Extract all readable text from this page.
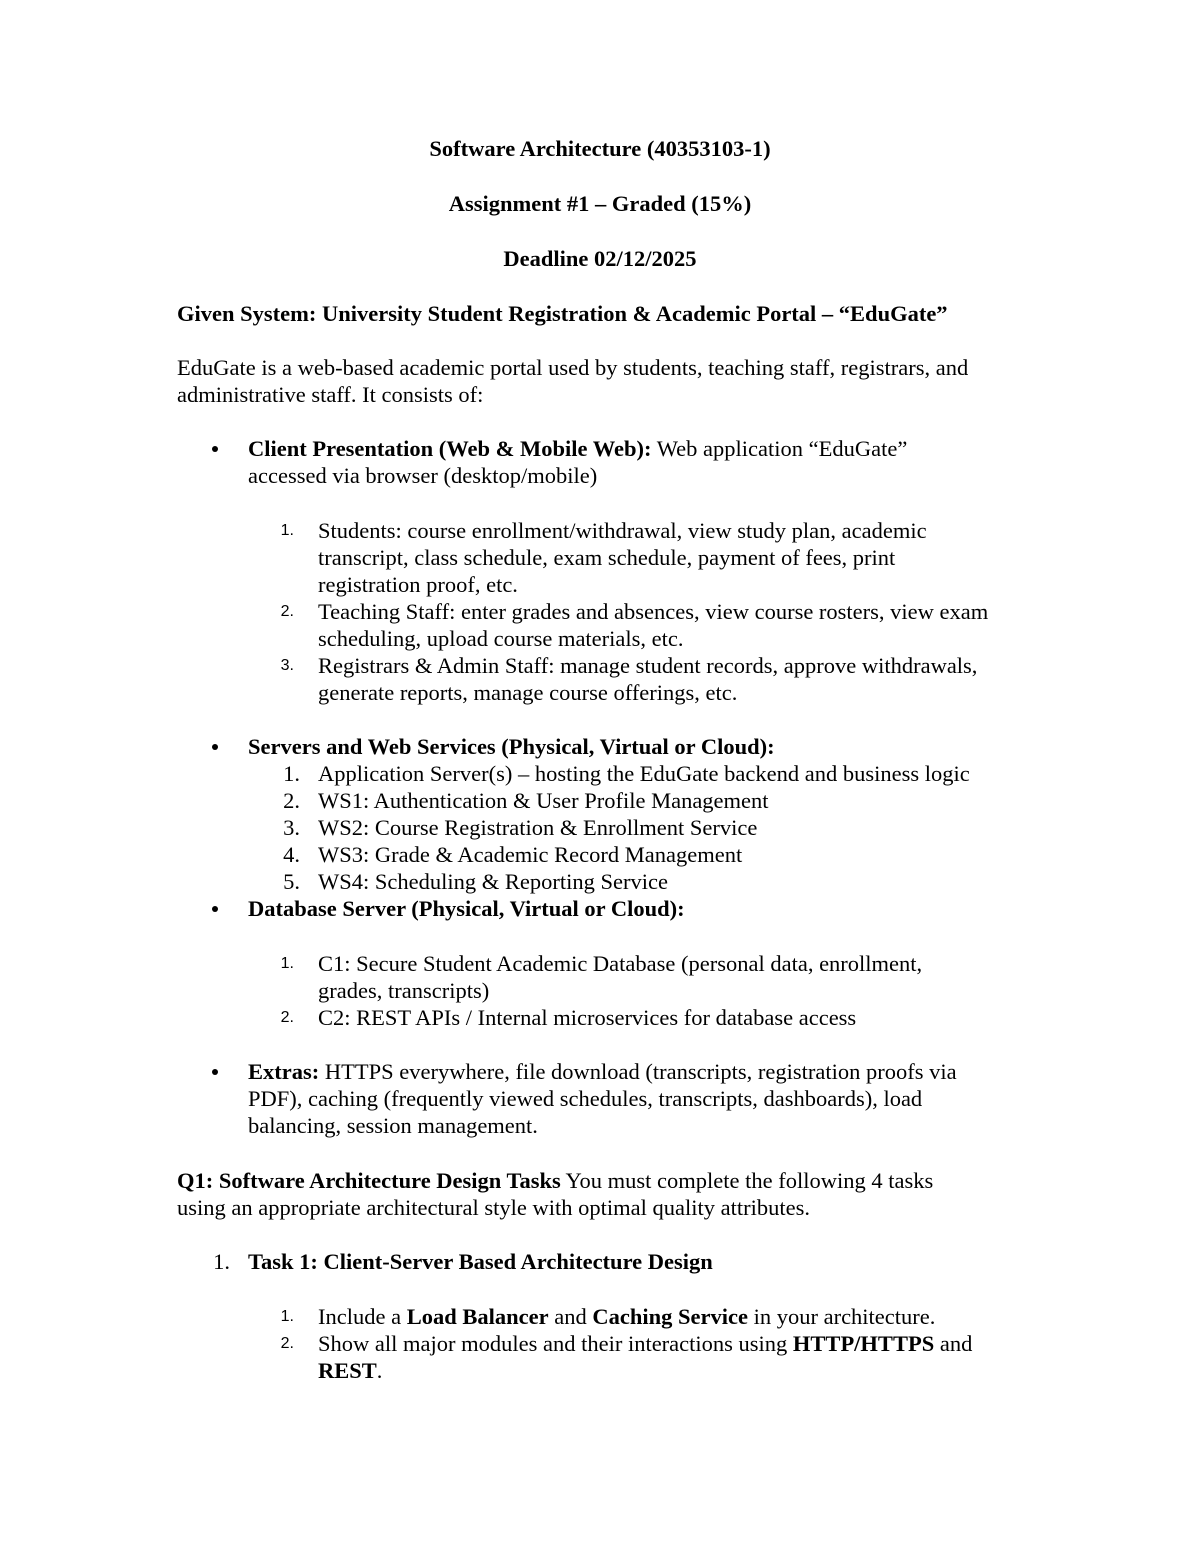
Software Architecture (40353103-1)
Assignment #1 – Graded (15%)
Deadline 02/12/2025
Given System: University Student Registration & Academic Portal – “EduGate”
EduGate is a web-based academic portal used by students, teaching staff, registrars, and
administrative staff. It consists of:
Client Presentation (Web & Mobile Web): Web application “EduGate”
accessed via browser (desktop/mobile)
1. Students: course enrollment/withdrawal, view study plan, academic
transcript, class schedule, exam schedule, payment of fees, print
registration proof, etc.
2. Teaching Staff: enter grades and absences, view course rosters, view exam
scheduling, upload course materials, etc.
3. Registrars & Admin Staff: manage student records, approve withdrawals,
generate reports, manage course offerings, etc.
Servers and Web Services (Physical, Virtual or Cloud):
1. Application Server(s) – hosting the EduGate backend and business logic
2. WS1: Authentication & User Profile Management
3. WS2: Course Registration & Enrollment Service
4. WS3: Grade & Academic Record Management
5. WS4: Scheduling & Reporting Service
Database Server (Physical, Virtual or Cloud):
1. C1: Secure Student Academic Database (personal data, enrollment,
grades, transcripts)
2. C2: REST APIs / Internal microservices for database access
Extras: HTTPS everywhere, file download (transcripts, registration proofs via
PDF), caching (frequently viewed schedules, transcripts, dashboards), load
balancing, session management.
Q1: Software Architecture Design Tasks You must complete the following 4 tasks
using an appropriate architectural style with optimal quality attributes.
1. Task 1: Client-Server Based Architecture Design
1. Include a Load Balancer and Caching Service in your architecture.
2. Show all major modules and their interactions using HTTP/HTTPS and
REST.
